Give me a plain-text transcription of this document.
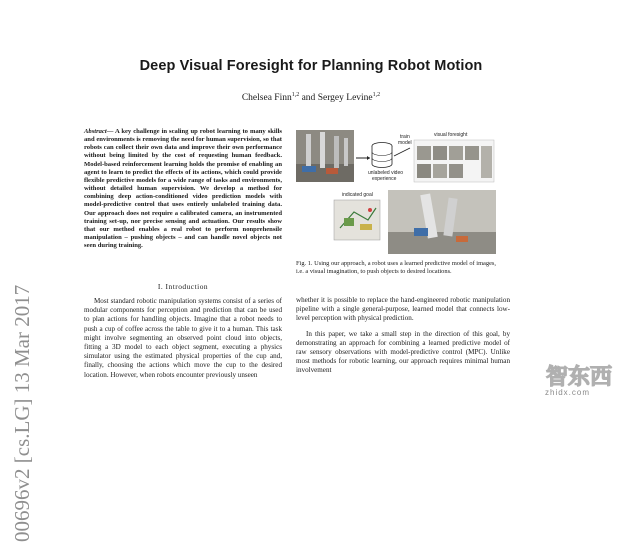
Deep Visual Foresight for Planning Robot Motion
Chelsea Finn$^{1,2}$ and Sergey Levine$^{1,2}$
00696v2 [cs.LG] 13 Mar 2017
Abstract— A key challenge in scaling up robot learning to many skills and environments is removing the need for human supervision, so that robots can collect their own data and improve their own performance without being limited by the cost of requesting human feedback. Model-based reinforcement learning holds the promise of enabling an agent to learn to predict the effects of its actions, which could provide flexible predictive models for a wide range of tasks and environments, without detailed human supervision. We develop a method for combining deep action-conditioned video prediction models with model-predictive control that uses entirely unlabeled training data. Our approach does not require a calibrated camera, an instrumented training set-up, nor precise sensing and actuation. Our results show that our method enables a real robot to perform nonprehensile manipulation – pushing objects – and can handle novel objects not seen during training.
I. Introduction
Most standard robotic manipulation systems consist of a series of modular components for perception and prediction that can be used to plan actions for handling objects. Imagine that a robot needs to push a cup of coffee across the table to give it to a human. This task might involve segmenting an observed point cloud into objects, fitting a 3D model to each object segment, executing a physics simulator using the estimated physical properties of the cup and, finally, choosing the actions which move the cup to the desired location. However, when robots encounter previously unseen
unlabeled video
experience
train
model
visual foresight
indicated goal
Fig. 1. Using our approach, a robot uses a learned predictive model of images, i.e. a visual imagination, to push objects to desired locations.

whether it is possible to replace the hand-engineered robotic manipulation pipeline with a single general-purpose, learned model that connects low-level perception with physical prediction.

In this paper, we take a small step in the direction of this goal, by demonstrating an approach for combining a learned predictive model of raw sensory observations with model-predictive control (MPC). Unlike most methods for robotic learning, our approach requires minimal human involvement	智东西
zhidx.com
